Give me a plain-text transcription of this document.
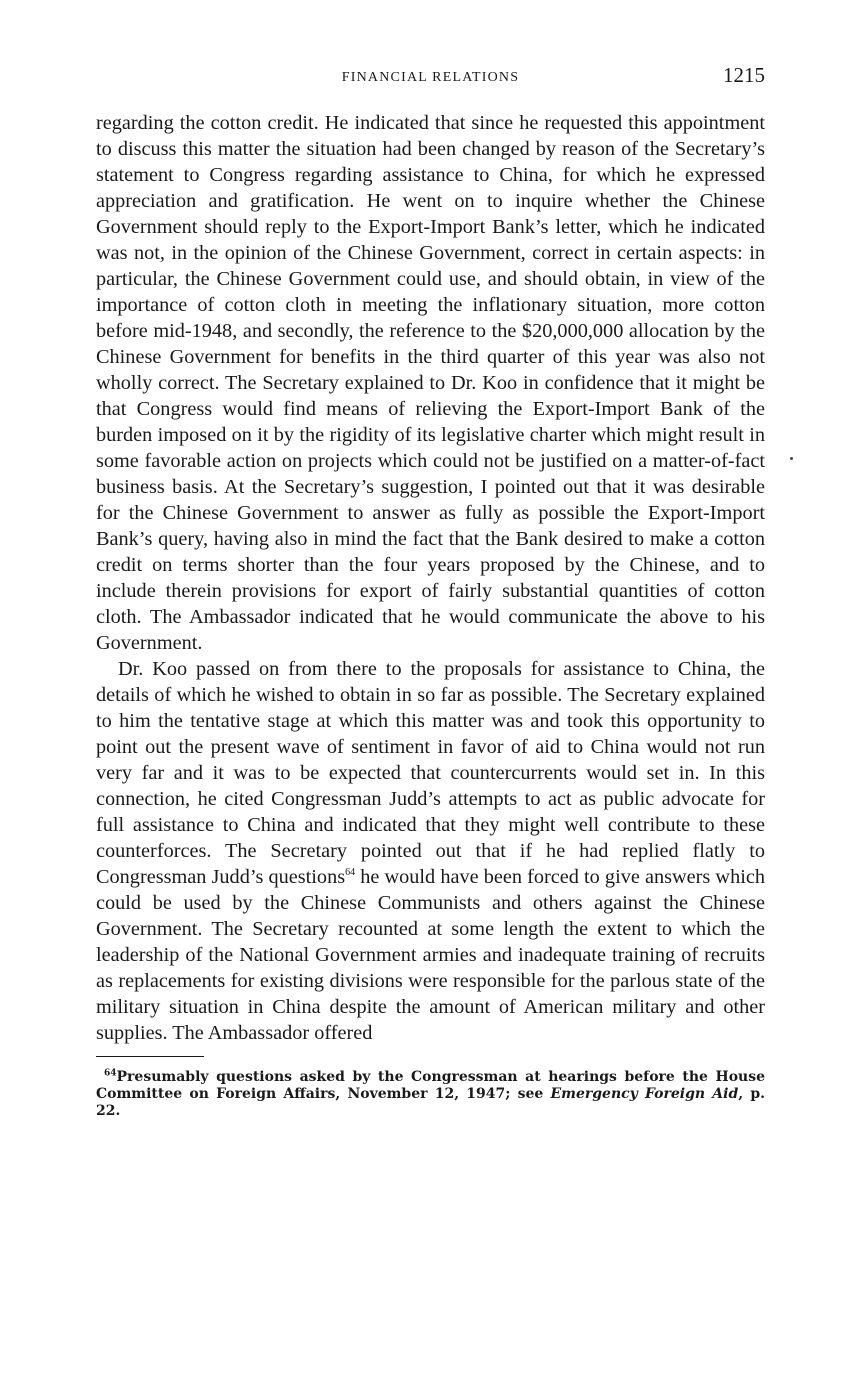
FINANCIAL RELATIONS	1215

regarding the cotton credit. He indicated that since he requested this appointment to discuss this matter the situation had been changed by reason of the Secretary’s statement to Congress regarding assistance to China, for which he expressed appreciation and gratification. He went on to inquire whether the Chinese Government should reply to the Export-Import Bank’s letter, which he indicated was not, in the opinion of the Chinese Government, correct in certain aspects: in particular, the Chinese Government could use, and should obtain, in view of the importance of cotton cloth in meeting the inflationary situation, more cotton before mid-1948, and secondly, the reference to the $20,000,000 allocation by the Chinese Government for benefits in the third quarter of this year was also not wholly correct. The Secretary explained to Dr. Koo in confidence that it might be that Congress would find means of relieving the Export-Import Bank of the burden imposed on it by the rigidity of its legislative charter which might result in some favorable action on projects which could not be justified on a matter-of-fact business basis. At the Secretary’s suggestion, I pointed out that it was desirable for the Chinese Government to answer as fully as possible the Export-Import Bank’s query, having also in mind the fact that the Bank desired to make a cotton credit on terms shorter than the four years proposed by the Chinese, and to include therein provisions for export of fairly substantial quantities of cotton cloth. The Ambassador indicated that he would communicate the above to his Government.

Dr. Koo passed on from there to the proposals for assistance to China, the details of which he wished to obtain in so far as possible. The Secretary explained to him the tentative stage at which this matter was and took this opportunity to point out the present wave of sentiment in favor of aid to China would not run very far and it was to be expected that countercurrents would set in. In this connection, he cited Congressman Judd’s attempts to act as public advocate for full assistance to China and indicated that they might well contribute to these counterforces. The Secretary pointed out that if he had replied flatly to Congressman Judd’s questions$^{64}$ he would have been forced to give answers which could be used by the Chinese Communists and others against the Chinese Government. The Secretary recounted at some length the extent to which the leadership of the National Government armies and inadequate training of recruits as replacements for existing divisions were responsible for the parlous state of the military situation in China despite the amount of American military and other supplies. The Ambassador offered

$^{64}$Presumably questions asked by the Congressman at hearings before the House Committee on Foreign Affairs, November 12, 1947; see Emergency Foreign Aid, p. 22.
